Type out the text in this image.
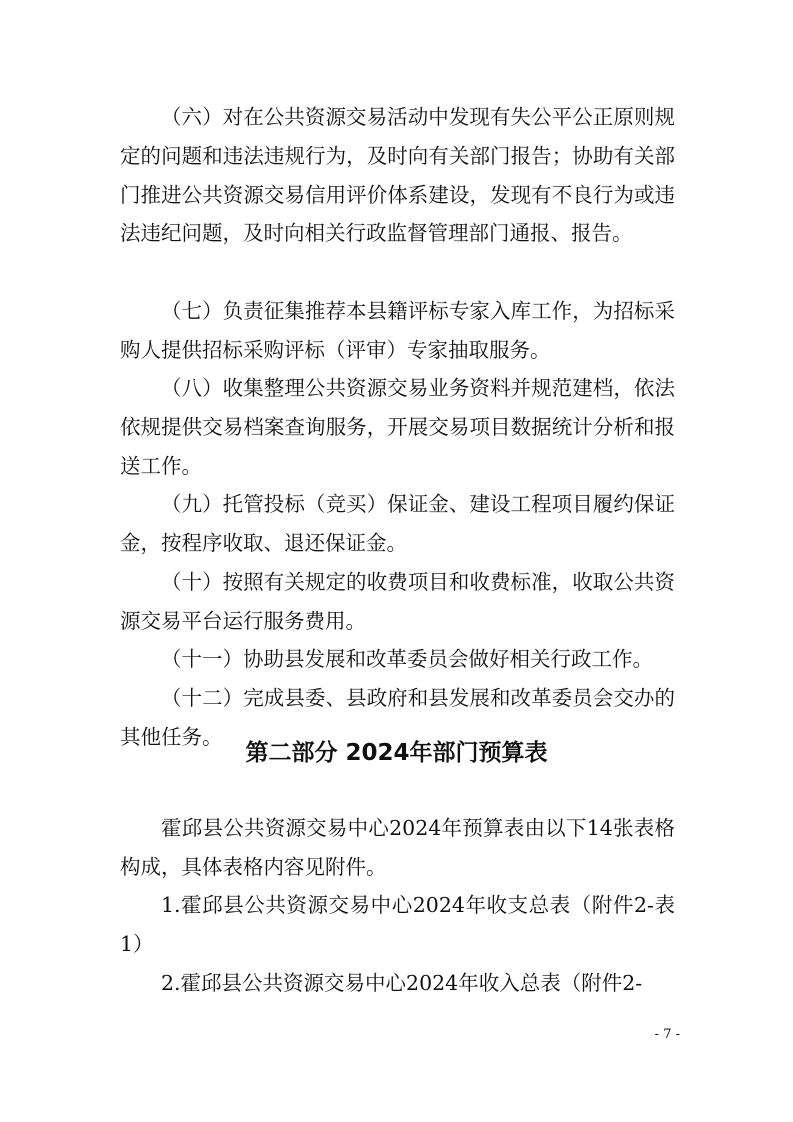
（六）对在公共资源交易活动中发现有失公平公正原则规定的问题和违法违规行为，及时向有关部门报告；协助有关部门推进公共资源交易信用评价体系建设，发现有不良行为或违法违纪问题，及时向相关行政监督管理部门通报、报告。

（七）负责征集推荐本县籍评标专家入库工作，为招标采购人提供招标采购评标（评审）专家抽取服务。

（八）收集整理公共资源交易业务资料并规范建档，依法依规提供交易档案查询服务，开展交易项目数据统计分析和报送工作。

（九）托管投标（竞买）保证金、建设工程项目履约保证金，按程序收取、退还保证金。

（十）按照有关规定的收费项目和收费标准，收取公共资源交易平台运行服务费用。

（十一）协助县发展和改革委员会做好相关行政工作。

（十二）完成县委、县政府和县发展和改革委员会交办的其他任务。

第二部分 2024年部门预算表

霍邱县公共资源交易中心2024年预算表由以下14张表格构成，具体表格内容见附件。

1.霍邱县公共资源交易中心2024年收支总表（附件2-表1）

2.霍邱县公共资源交易中心2024年收入总表（附件2-

- 7 -
